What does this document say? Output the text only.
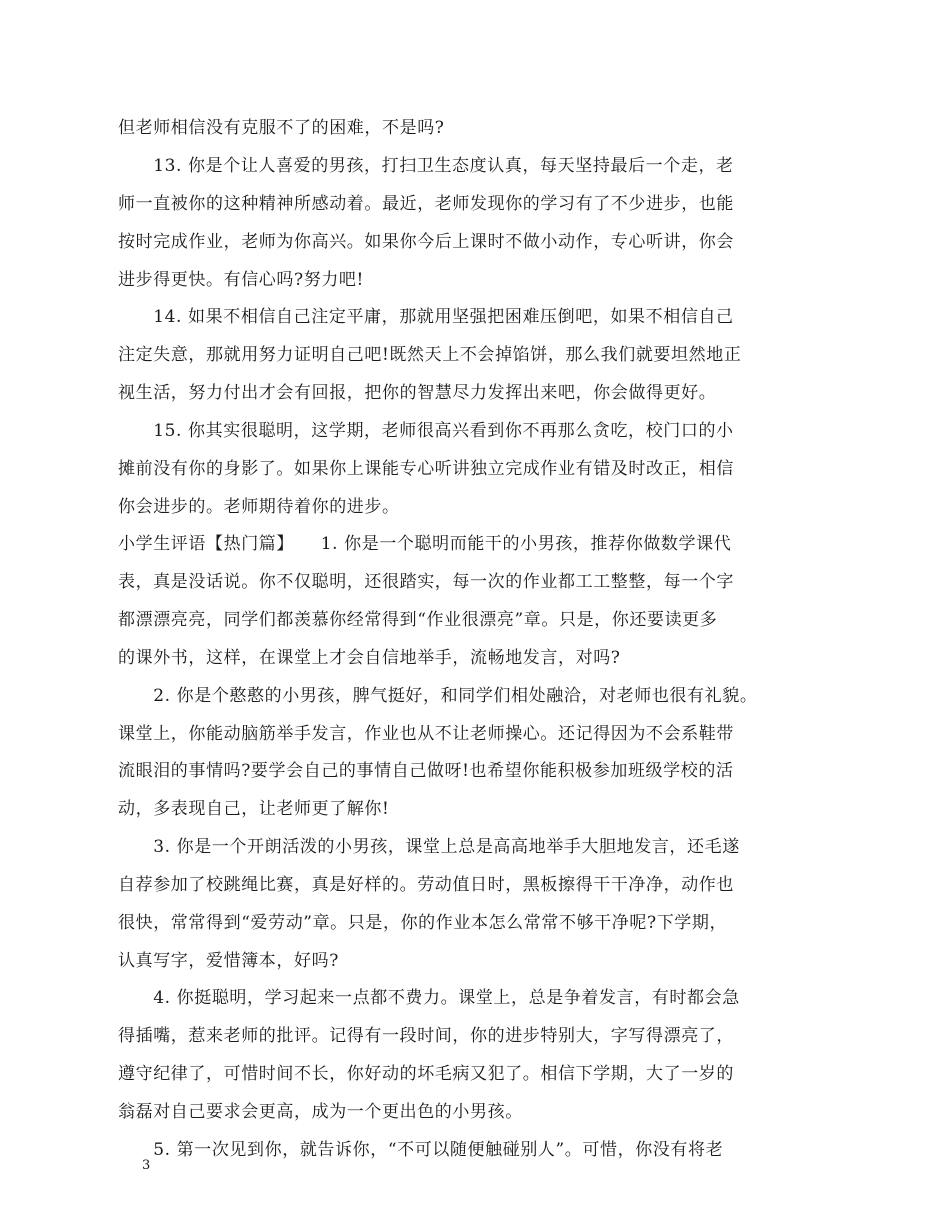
但老师相信没有克服不了的困难，不是吗?
　　13. 你是个让人喜爱的男孩，打扫卫生态度认真，每天坚持最后一个走，老
师一直被你的这种精神所感动着。最近，老师发现你的学习有了不少进步，也能
按时完成作业，老师为你高兴。如果你今后上课时不做小动作，专心听讲，你会
进步得更快。有信心吗?努力吧!
　　14. 如果不相信自己注定平庸，那就用坚强把困难压倒吧，如果不相信自己
注定失意，那就用努力证明自己吧!既然天上不会掉馅饼，那么我们就要坦然地正
视生活，努力付出才会有回报，把你的智慧尽力发挥出来吧，你会做得更好。
　　15. 你其实很聪明，这学期，老师很高兴看到你不再那么贪吃，校门口的小
摊前没有你的身影了。如果你上课能专心听讲独立完成作业有错及时改正，相信
你会进步的。老师期待着你的进步。
小学生评语【热门篇】　　1. 你是一个聪明而能干的小男孩，推荐你做数学课代
表，真是没话说。你不仅聪明，还很踏实，每一次的作业都工工整整，每一个字
都漂漂亮亮，同学们都羡慕你经常得到“作业很漂亮”章。只是，你还要读更多
的课外书，这样，在课堂上才会自信地举手，流畅地发言，对吗?
　　2. 你是个憨憨的小男孩，脾气挺好，和同学们相处融洽，对老师也很有礼貌。
课堂上，你能动脑筋举手发言，作业也从不让老师操心。还记得因为不会系鞋带
流眼泪的事情吗?要学会自己的事情自己做呀!也希望你能积极参加班级学校的活
动，多表现自己，让老师更了解你!
　　3. 你是一个开朗活泼的小男孩，课堂上总是高高地举手大胆地发言，还毛遂
自荐参加了校跳绳比赛，真是好样的。劳动值日时，黑板擦得干干净净，动作也
很快，常常得到“爱劳动”章。只是，你的作业本怎么常常不够干净呢?下学期，
认真写字，爱惜簿本，好吗?
　　4. 你挺聪明，学习起来一点都不费力。课堂上，总是争着发言，有时都会急
得插嘴，惹来老师的批评。记得有一段时间，你的进步特别大，字写得漂亮了，
遵守纪律了，可惜时间不长，你好动的坏毛病又犯了。相信下学期，大了一岁的
翁磊对自己要求会更高，成为一个更出色的小男孩。
　　5. 第一次见到你，就告诉你，“不可以随便触碰别人”。可惜，你没有将老
3
